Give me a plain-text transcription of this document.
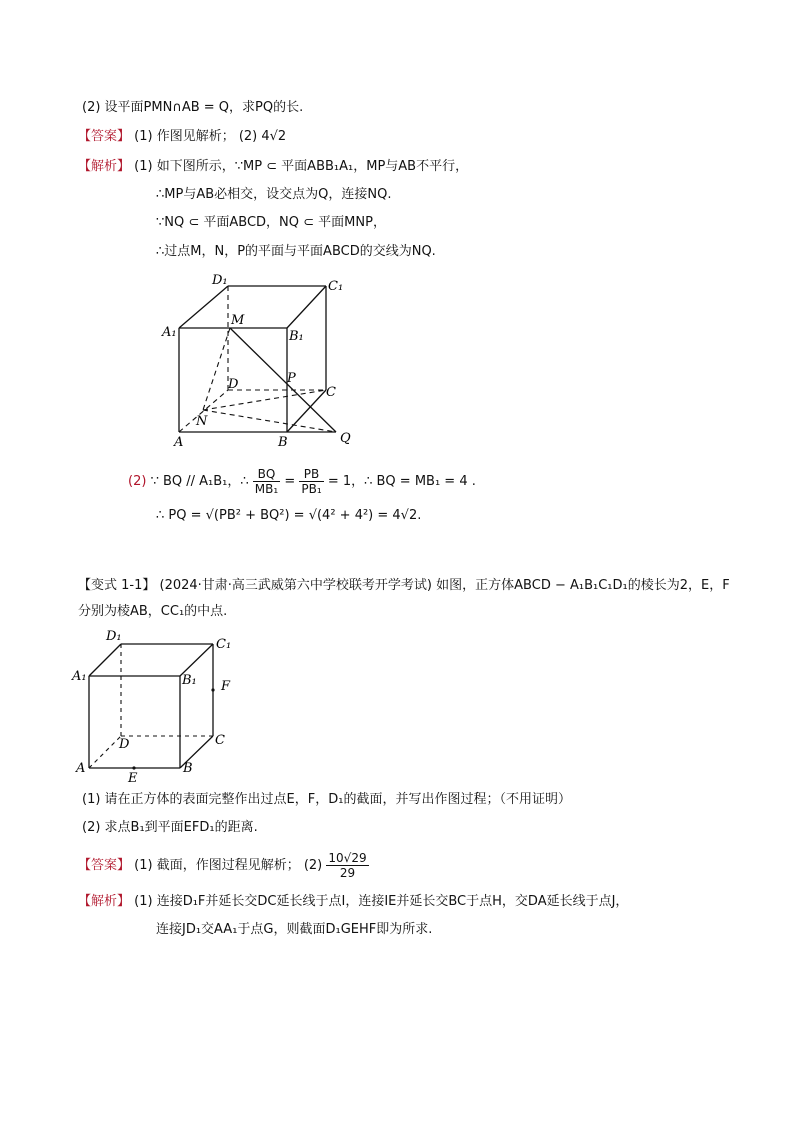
(2) 设平面PMN∩AB = Q，求PQ的长.
【答案】 (1) 作图见解析； (2) 4√2
【解析】 (1) 如下图所示，∵MP ⊂ 平面ABB₁A₁，MP与AB不平行，
∴MP与AB必相交，设交点为Q，连接NQ.
∵NQ ⊂ 平面ABCD，NQ ⊂ 平面MNP，
∴过点M，N，P的平面与平面ABCD的交线为NQ.
D₁	C₁
A₁
M
B₁
D	P
C
N
A	B	Q
(2) ∵ BQ // A₁B₁，∴ $\frac{BQ}{\text{MB₁}} = \frac{PB}{\text{PB₁}} = 1$，∴ BQ = MB₁ = 4 .
∴ PQ = √(PB² + BQ²) = √(4² + 4²) = 4√2.
【变式 1-1】 (2024·甘肃·高三武威第六中学校联考开学考试) 如图，正方体ABCD − A₁B₁C₁D₁的棱长为2，E，F
分别为棱AB，CC₁的中点.
D₁
C₁
A₁	B₁ F
D	C
A
E
B
(1) 请在正方体的表面完整作出过点E，F，D₁的截面，并写出作图过程；（不用证明）
(2) 求点B₁到平面EFD₁的距离.
【答案】 (1) 截面，作图过程见解析； $(2) \frac{10√29}{29}$
【解析】 (1) 连接D₁F并延长交DC延长线于点I，连接IE并延长交BC于点H，交DA延长线于点J，
连接JD₁交AA₁于点G，则截面D₁GEHF即为所求.
